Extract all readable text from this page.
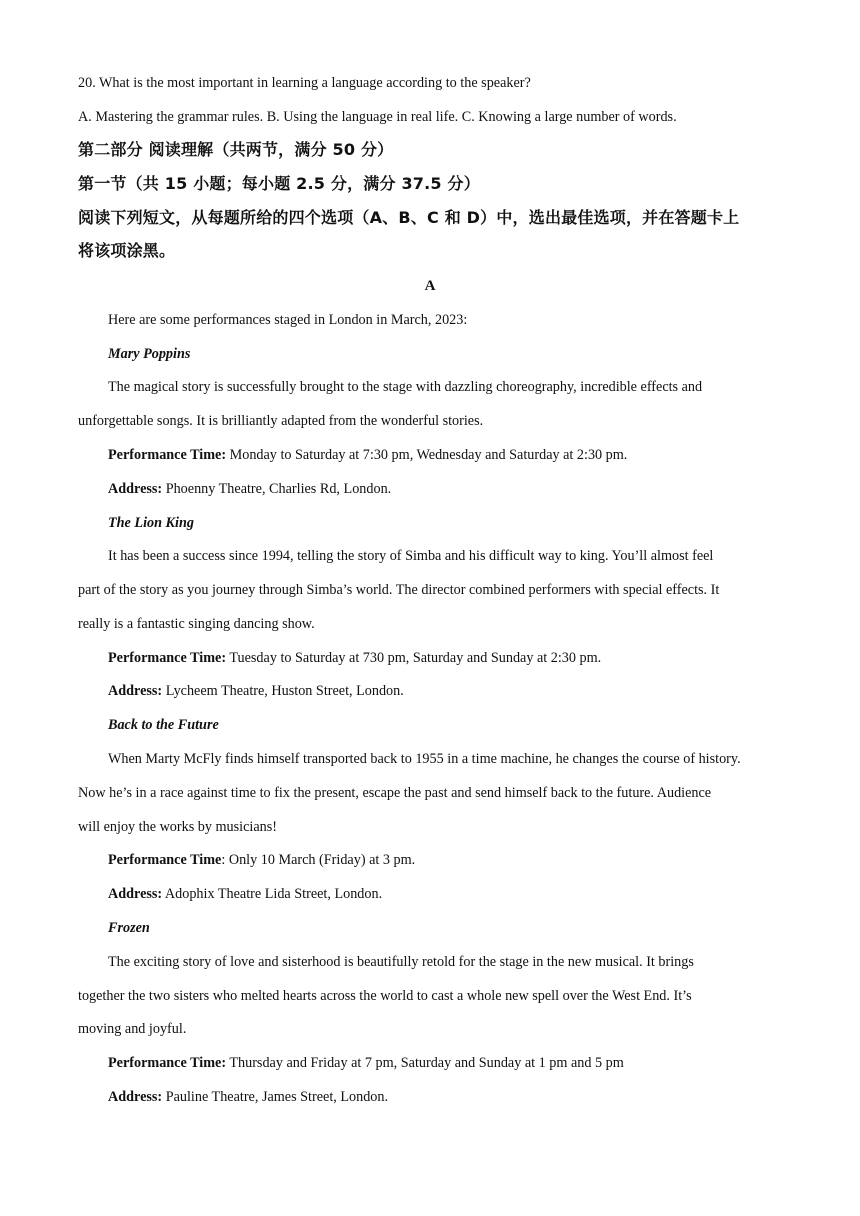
20. What is the most important in learning a language according to the speaker?
A. Mastering the grammar rules. B. Using the language in real life. C. Knowing a large number of words.
第二部分 阅读理解（共两节，满分 50 分）
第一节（共 15 小题；每小题 2.5 分，满分 37.5 分）
阅读下列短文，从每题所给的四个选项（A、B、C 和 D）中，选出最佳选项，并在答题卡上
将该项涂黑。
A
Here are some performances staged in London in March, 2023:
Mary Poppins
The magical story is successfully brought to the stage with dazzling choreography, incredible effects and
unforgettable songs. It is brilliantly adapted from the wonderful stories.
Performance Time: Monday to Saturday at 7:30 pm, Wednesday and Saturday at 2:30 pm.
Address: Phoenny Theatre, Charlies Rd, London.
The Lion King
It has been a success since 1994, telling the story of Simba and his difficult way to king. You’ll almost feel
part of the story as you journey through Simba’s world. The director combined performers with special effects. It
really is a fantastic singing dancing show.
Performance Time: Tuesday to Saturday at 730 pm, Saturday and Sunday at 2:30 pm.
Address: Lycheem Theatre, Huston Street, London.
Back to the Future
When Marty McFly finds himself transported back to 1955 in a time machine, he changes the course of history.
Now he’s in a race against time to fix the present, escape the past and send himself back to the future. Audience
will enjoy the works by musicians!
Performance Time: Only 10 March (Friday) at 3 pm.
Address: Adophix Theatre Lida Street, London.
Frozen
The exciting story of love and sisterhood is beautifully retold for the stage in the new musical. It brings
together the two sisters who melted hearts across the world to cast a whole new spell over the West End. It’s
moving and joyful.
Performance Time: Thursday and Friday at 7 pm, Saturday and Sunday at 1 pm and 5 pm
Address: Pauline Theatre, James Street, London.
